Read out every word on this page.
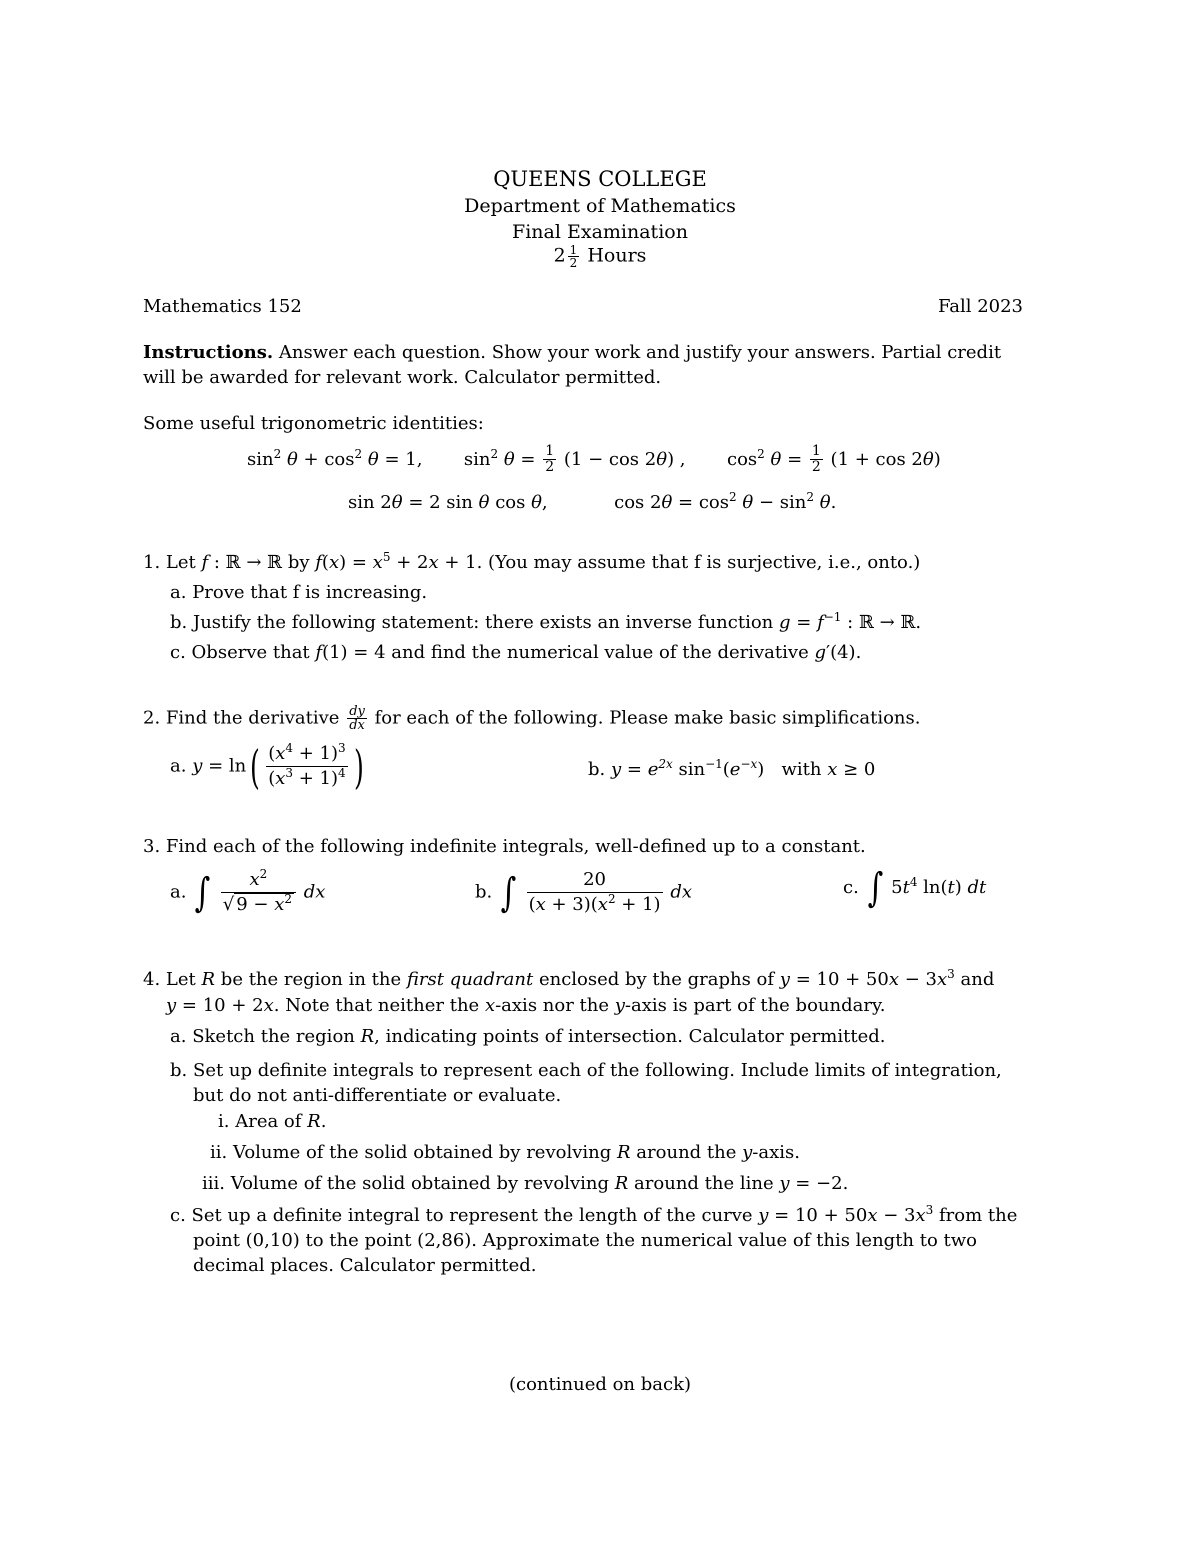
QUEENS COLLEGE
Department of Mathematics
Final Examination
$2 \frac{1}{2}$ Hours
Mathematics 152	Fall 2023
Instructions. Answer each question. Show your work and justify your answers. Partial credit
will be awarded for relevant work. Calculator permitted.
Some useful trigonometric identities:
$\sin^2 \theta + \cos^2 \theta = 1$, $\sin^2 \theta = \frac{1}{2} (1 - \cos 2\theta)$ , $\cos^2 \theta = \frac{1}{2} (1 + \cos 2\theta)$
sin 2θ = 2 sin θ cos θ,	$\cos 2\theta = \cos^2 \theta - \sin^2 \theta$.
1. Let f : ℝ → ℝ by $f(x) = x^5 + 2x + 1$. (You may assume that f is surjective, i.e., onto.)
a. Prove that f is increasing.
b. Justify the following statement: there exists an inverse function $g = f^{-1}$ : ℝ → ℝ.
c. Observe that f(1) = 4 and find the numerical value of the derivative g′(4).
2. Find the derivative $\frac{dy}{dx}$ for each of the following. Please make basic simplifications.
a. $y = \ln( \frac{(x^4 + 1)^3}{(x^3 + 1)^4}$ )	b. $y = e^{2x}$ $\sin^{-1}(e^{-x})$   with x ≥ 0
3. Find each of the following indefinite integrals, well-defined up to a constant.
a. ∫ $\frac{x^2}{√ 9 - x^2}$ dx	b. ∫ $\frac{20}{(x + 3)(x^2 + 1)}$ dx	c. ∫ $5t^4$ ln(t) dt
4. Let R be the region in the first quadrant enclosed by the graphs of $y = 10 + 50x - 3x^3$ and
y = 10 + 2x. Note that neither the x-axis nor the y-axis is part of the boundary.
a. Sketch the region R, indicating points of intersection. Calculator permitted.
b. Set up definite integrals to represent each of the following. Include limits of integration,
but do not anti-differentiate or evaluate.
i. Area of R.
ii. Volume of the solid obtained by revolving R around the y-axis.
iii. Volume of the solid obtained by revolving R around the line y = −2.
c. Set up a definite integral to represent the length of the curve $y = 10 + 50x - 3x^3$ from the
point (0,10) to the point (2,86). Approximate the numerical value of this length to two
decimal places. Calculator permitted.
(continued on back)
